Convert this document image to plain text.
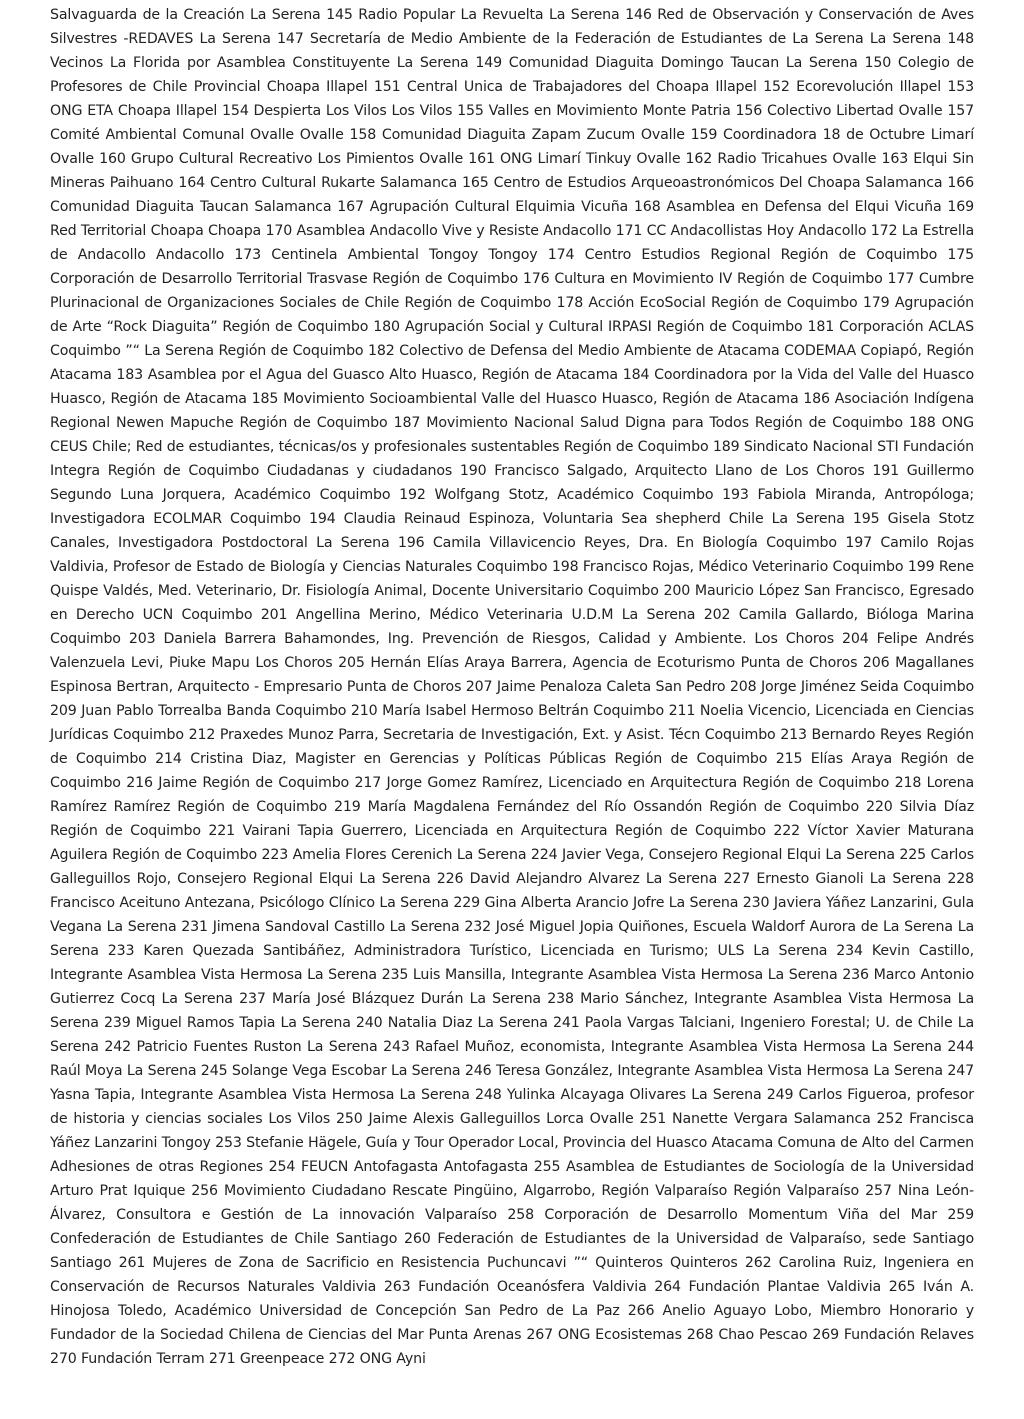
Salvaguarda de la Creación La Serena 145 Radio Popular La Revuelta La Serena 146 Red de Observación y Conservación de Aves Silvestres -REDAVES La Serena 147 Secretaría de Medio Ambiente de la Federación de Estudiantes de La Serena La Serena 148 Vecinos La Florida por Asamblea Constituyente La Serena 149 Comunidad Diaguita Domingo Taucan La Serena 150 Colegio de Profesores de Chile Provincial Choapa Illapel 151 Central Unica de Trabajadores del Choapa Illapel 152 Ecorevolución Illapel 153 ONG ETA Choapa Illapel 154 Despierta Los Vilos Los Vilos 155 Valles en Movimiento Monte Patria 156 Colectivo Libertad Ovalle 157 Comité Ambiental Comunal Ovalle Ovalle 158 Comunidad Diaguita Zapam Zucum Ovalle 159 Coordinadora 18 de Octubre Limarí Ovalle 160 Grupo Cultural Recreativo Los Pimientos Ovalle 161 ONG Limarí Tinkuy Ovalle 162 Radio Tricahues Ovalle 163 Elqui Sin Mineras Paihuano 164 Centro Cultural Rukarte Salamanca 165 Centro de Estudios Arqueoastronómicos Del Choapa Salamanca 166 Comunidad Diaguita Taucan Salamanca 167 Agrupación Cultural Elquimia Vicuña 168 Asamblea en Defensa del Elqui Vicuña 169 Red Territorial Choapa Choapa 170 Asamblea Andacollo Vive y Resiste Andacollo 171 CC Andacollistas Hoy Andacollo 172 La Estrella de Andacollo Andacollo 173 Centinela Ambiental Tongoy Tongoy 174 Centro Estudios Regional Región de Coquimbo 175 Corporación de Desarrollo Territorial Trasvase Región de Coquimbo 176 Cultura en Movimiento IV Región de Coquimbo 177 Cumbre Plurinacional de Organizaciones Sociales de Chile Región de Coquimbo 178 Acción EcoSocial Región de Coquimbo 179 Agrupación de Arte “Rock Diaguita” Región de Coquimbo 180 Agrupación Social y Cultural IRPASI Región de Coquimbo 181 Corporación ACLAS Coquimbo ”“ La Serena Región de Coquimbo 182 Colectivo de Defensa del Medio Ambiente de Atacama CODEMAA Copiapó, Región Atacama 183 Asamblea por el Agua del Guasco Alto Huasco, Región de Atacama 184 Coordinadora por la Vida del Valle del Huasco Huasco, Región de Atacama 185 Movimiento Socioambiental Valle del Huasco Huasco, Región de Atacama 186 Asociación Indígena Regional Newen Mapuche Región de Coquimbo 187 Movimiento Nacional Salud Digna para Todos Región de Coquimbo 188 ONG CEUS Chile; Red de estudiantes, técnicas/os y profesionales sustentables Región de Coquimbo 189 Sindicato Nacional STI Fundación Integra Región de Coquimbo Ciudadanas y ciudadanos 190 Francisco Salgado, Arquitecto Llano de Los Choros 191 Guillermo Segundo Luna Jorquera, Académico Coquimbo 192 Wolfgang Stotz, Académico Coquimbo 193 Fabiola Miranda, Antropóloga; Investigadora ECOLMAR Coquimbo 194 Claudia Reinaud Espinoza, Voluntaria Sea shepherd Chile La Serena 195 Gisela Stotz Canales, Investigadora Postdoctoral La Serena 196 Camila Villavicencio Reyes, Dra. En Biología Coquimbo 197 Camilo Rojas Valdivia, Profesor de Estado de Biología y Ciencias Naturales Coquimbo 198 Francisco Rojas, Médico Veterinario Coquimbo 199 Rene Quispe Valdés, Med. Veterinario, Dr. Fisiología Animal, Docente Universitario Coquimbo 200 Mauricio López San Francisco, Egresado en Derecho UCN Coquimbo 201 Angellina Merino, Médico Veterinaria U.D.M La Serena 202 Camila Gallardo, Bióloga Marina Coquimbo 203 Daniela Barrera Bahamondes, Ing. Prevención de Riesgos, Calidad y Ambiente. Los Choros 204 Felipe Andrés Valenzuela Levi, Piuke Mapu Los Choros 205 Hernán Elías Araya Barrera, Agencia de Ecoturismo Punta de Choros 206 Magallanes Espinosa Bertran, Arquitecto - Empresario Punta de Choros 207 Jaime Penaloza Caleta San Pedro 208 Jorge Jiménez Seida Coquimbo 209 Juan Pablo Torrealba Banda Coquimbo 210 María Isabel Hermoso Beltrán Coquimbo 211 Noelia Vicencio, Licenciada en Ciencias Jurídicas Coquimbo 212 Praxedes Munoz Parra, Secretaria de Investigación, Ext. y Asist. Técn Coquimbo 213 Bernardo Reyes Región de Coquimbo 214 Cristina Diaz, Magister en Gerencias y Políticas Públicas Región de Coquimbo 215 Elías Araya Región de Coquimbo 216 Jaime Región de Coquimbo 217 Jorge Gomez Ramírez, Licenciado en Arquitectura Región de Coquimbo 218 Lorena Ramírez Ramírez Región de Coquimbo 219 María Magdalena Fernández del Río Ossandón Región de Coquimbo 220 Silvia Díaz Región de Coquimbo 221 Vairani Tapia Guerrero, Licenciada en Arquitectura Región de Coquimbo 222 Víctor Xavier Maturana Aguilera Región de Coquimbo 223 Amelia Flores Cerenich La Serena 224 Javier Vega, Consejero Regional Elqui La Serena 225 Carlos Galleguillos Rojo, Consejero Regional Elqui La Serena 226 David Alejandro Alvarez La Serena 227 Ernesto Gianoli La Serena 228 Francisco Aceituno Antezana, Psicólogo Clínico La Serena 229 Gina Alberta Arancio Jofre La Serena 230 Javiera Yáñez Lanzarini, Gula Vegana La Serena 231 Jimena Sandoval Castillo La Serena 232 José Miguel Jopia Quiñones, Escuela Waldorf Aurora de La Serena La Serena 233 Karen Quezada Santibáñez, Administradora Turístico, Licenciada en Turismo; ULS La Serena 234 Kevin Castillo, Integrante Asamblea Vista Hermosa La Serena 235 Luis Mansilla, Integrante Asamblea Vista Hermosa La Serena 236 Marco Antonio Gutierrez Cocq La Serena 237 María José Blázquez Durán La Serena 238 Mario Sánchez, Integrante Asamblea Vista Hermosa La Serena 239 Miguel Ramos Tapia La Serena 240 Natalia Diaz La Serena 241 Paola Vargas Talciani, Ingeniero Forestal; U. de Chile La Serena 242 Patricio Fuentes Ruston La Serena 243 Rafael Muñoz, economista, Integrante Asamblea Vista Hermosa La Serena 244 Raúl Moya La Serena 245 Solange Vega Escobar La Serena 246 Teresa González, Integrante Asamblea Vista Hermosa La Serena 247 Yasna Tapia, Integrante Asamblea Vista Hermosa La Serena 248 Yulinka Alcayaga Olivares La Serena 249 Carlos Figueroa, profesor de historia y ciencias sociales Los Vilos 250 Jaime Alexis Galleguillos Lorca Ovalle 251 Nanette Vergara Salamanca 252 Francisca Yáñez Lanzarini Tongoy 253 Stefanie Hägele, Guía y Tour Operador Local, Provincia del Huasco Atacama Comuna de Alto del Carmen Adhesiones de otras Regiones 254 FEUCN Antofagasta Antofagasta 255 Asamblea de Estudiantes de Sociología de la Universidad Arturo Prat Iquique 256 Movimiento Ciudadano Rescate Pingüino, Algarrobo, Región Valparaíso Región Valparaíso 257 Nina León-Álvarez, Consultora e Gestión de La innovación Valparaíso 258 Corporación de Desarrollo Momentum Viña del Mar 259 Confederación de Estudiantes de Chile Santiago 260 Federación de Estudiantes de la Universidad de Valparaíso, sede Santiago Santiago 261 Mujeres de Zona de Sacrificio en Resistencia Puchuncavi ”“ Quinteros Quinteros 262 Carolina Ruiz, Ingeniera en Conservación de Recursos Naturales Valdivia 263 Fundación Oceanósfera Valdivia 264 Fundación Plantae Valdivia 265 Iván A. Hinojosa Toledo, Académico Universidad de Concepción San Pedro de La Paz 266 Anelio Aguayo Lobo, Miembro Honorario y Fundador de la Sociedad Chilena de Ciencias del Mar Punta Arenas 267 ONG Ecosistemas 268 Chao Pescao 269 Fundación Relaves 270 Fundación Terram 271 Greenpeace 272 ONG Ayni
